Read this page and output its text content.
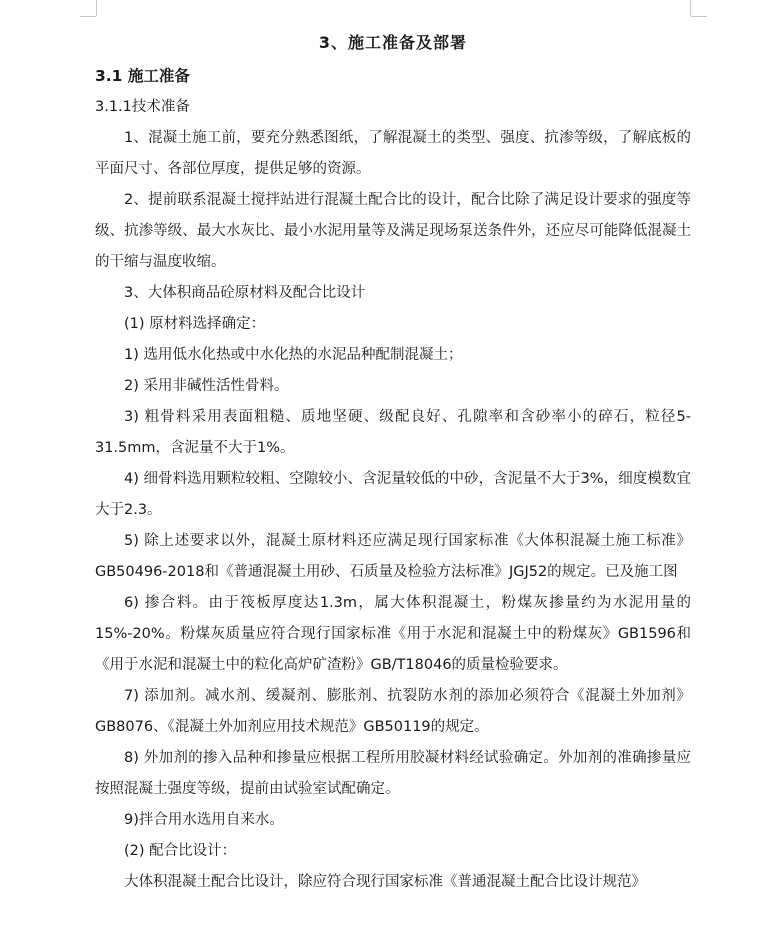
3、施工准备及部署
3.1 施工准备
3.1.1技术准备

1、混凝土施工前，要充分熟悉图纸，了解混凝土的类型、强度、抗渗等级，了解底板的平面尺寸、各部位厚度，提供足够的资源。

2、提前联系混凝土搅拌站进行混凝土配合比的设计，配合比除了满足设计要求的强度等级、抗渗等级、最大水灰比、最小水泥用量等及满足现场泵送条件外，还应尽可能降低混凝土的干缩与温度收缩。

3、大体积商品砼原材料及配合比设计
(1) 原材料选择确定：
1) 选用低水化热或中水化热的水泥品种配制混凝土；
2) 采用非碱性活性骨料。

3) 粗骨料采用表面粗糙、质地坚硬、级配良好、孔隙率和含砂率小的碎石，粒径5-31.5mm，含泥量不大于1%。

4) 细骨料选用颗粒较粗、空隙较小、含泥量较低的中砂，含泥量不大于3%，细度模数宜大于2.3。

5) 除上述要求以外，混凝土原材料还应满足现行国家标准《大体积混凝土施工标准》GB50496-2018和《普通混凝土用砂、石质量及检验方法标准》JGJ52的规定。已及施工图

6) 掺合料。由于筏板厚度达1.3m，属大体积混凝土，粉煤灰掺量约为水泥用量的15%-20%。粉煤灰质量应符合现行国家标准《用于水泥和混凝土中的粉煤灰》GB1596和《用于水泥和混凝土中的粒化高炉矿渣粉》GB/T18046的质量检验要求。

7) 添加剂。减水剂、缓凝剂、膨胀剂、抗裂防水剂的添加必须符合《混凝土外加剂》GB8076、《混凝土外加剂应用技术规范》GB50119的规定。

8) 外加剂的掺入品种和掺量应根据工程所用胶凝材料经试验确定。外加剂的准确掺量应按照混凝土强度等级，提前由试验室试配确定。

9)拌合用水选用自来水。
(2) 配合比设计：
大体积混凝土配合比设计，除应符合现行国家标准《普通混凝土配合比设计规范》
